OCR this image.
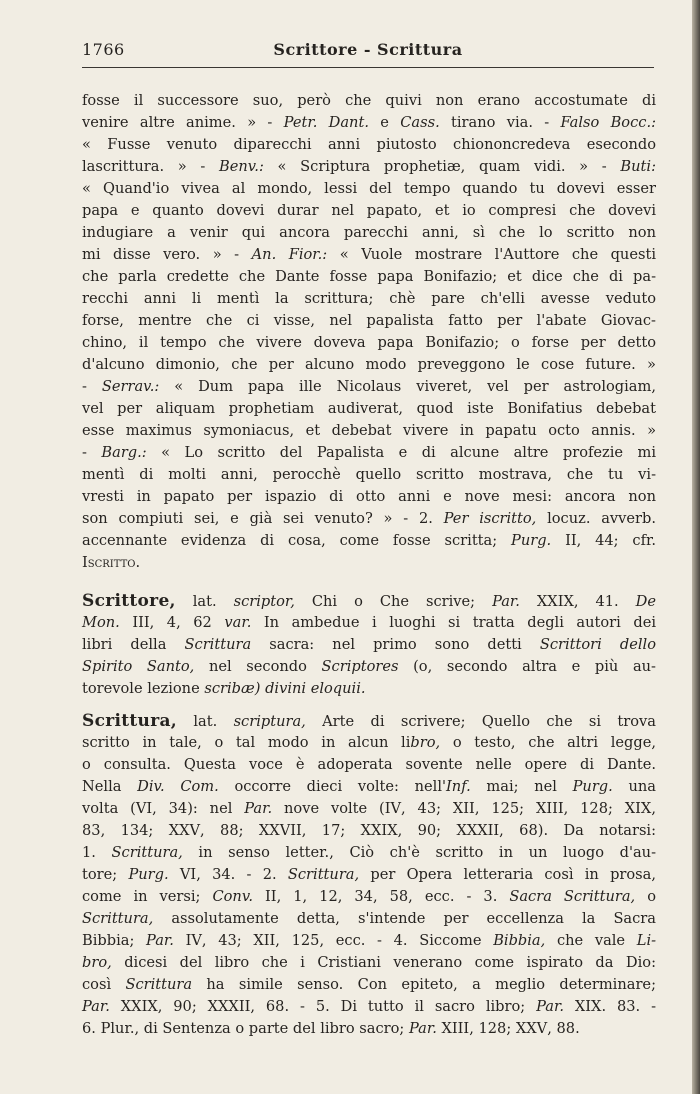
1766	Scrittore - Scrittura
fosse il successore suo, però che quivi non erano accostumate di
venire altre anime. » - Petr. Dant. e Cass. tirano via. - Falso Bocc.:
« Fusse venuto diparecchi anni piutosto chiononcredeva esecondo
lascrittura. » - Benv.: « Scriptura prophetiæ, quam vidi. » - Buti:
« Quand'io vivea al mondo, lessi del tempo quando tu dovevi esser
papa e quanto dovevi durar nel papato, et io compresi che dovevi
indugiare a venir qui ancora parecchi anni, sì che lo scritto non
mi disse vero. » - An. Fior.: « Vuole mostrare l'Auttore che questi
che parla credette che Dante fosse papa Bonifazio; et dice che di pa-
recchi anni li mentì la scrittura; chè pare ch'elli avesse veduto
forse, mentre che ci visse, nel papalista fatto per l'abate Giovac-
chino, il tempo che vivere doveva papa Bonifazio; o forse per detto
d'alcuno dimonio, che per alcuno modo preveggono le cose future. »
- Serrav.: « Dum papa ille Nicolaus viveret, vel per astrologiam,
vel per aliquam prophetiam audiverat, quod iste Bonifatius debebat
esse maximus symoniacus, et debebat vivere in papatu octo annis. »
- Barg.: « Lo scritto del Papalista e di alcune altre profezie mi
mentì di molti anni, perocchè quello scritto mostrava, che tu vi-
vresti in papato per ispazio di otto anni e nove mesi: ancora non
son compiuti sei, e già sei venuto? » - 2. Per iscritto, locuz. avverb.
accennante evidenza di cosa, come fosse scritta; Purg. II, 44; cfr.
Iscritto.
Scrittore, lat. scriptor, Chi o Che scrive; Par. XXIX, 41. De
Mon. III, 4, 62 var. In ambedue i luoghi si tratta degli autori dei
libri della Scrittura sacra: nel primo sono detti Scrittori dello
Spirito Santo, nel secondo Scriptores (o, secondo altra e più au-
torevole lezione scribæ) divini eloquii.
Scrittura, lat. scriptura, Arte di scrivere; Quello che si trova
scritto in tale, o tal modo in alcun libro, o testo, che altri legge,
o consulta. Questa voce è adoperata sovente nelle opere di Dante.
Nella Div. Com. occorre dieci volte: nell'Inf. mai; nel Purg. una
volta (VI, 34): nel Par. nove volte (IV, 43; XII, 125; XIII, 128; XIX,
83, 134; XXV, 88; XXVII, 17; XXIX, 90; XXXII, 68). Da notarsi:
1. Scrittura, in senso letter., Ciò ch'è scritto in un luogo d'au-
tore; Purg. VI, 34. - 2. Scrittura, per Opera letteraria così in prosa,
come in versi; Conv. II, 1, 12, 34, 58, ecc. - 3. Sacra Scrittura, o
Scrittura, assolutamente detta, s'intende per eccellenza la Sacra
Bibbia; Par. IV, 43; XII, 125, ecc. - 4. Siccome Bibbia, che vale Li-
bro, dicesi del libro che i Cristiani venerano come ispirato da Dio:
così Scrittura ha simile senso. Con epiteto, a meglio determinare;
Par. XXIX, 90; XXXII, 68. - 5. Di tutto il sacro libro; Par. XIX. 83. -
6. Plur., di Sentenza o parte del libro sacro; Par. XIII, 128; XXV, 88.
